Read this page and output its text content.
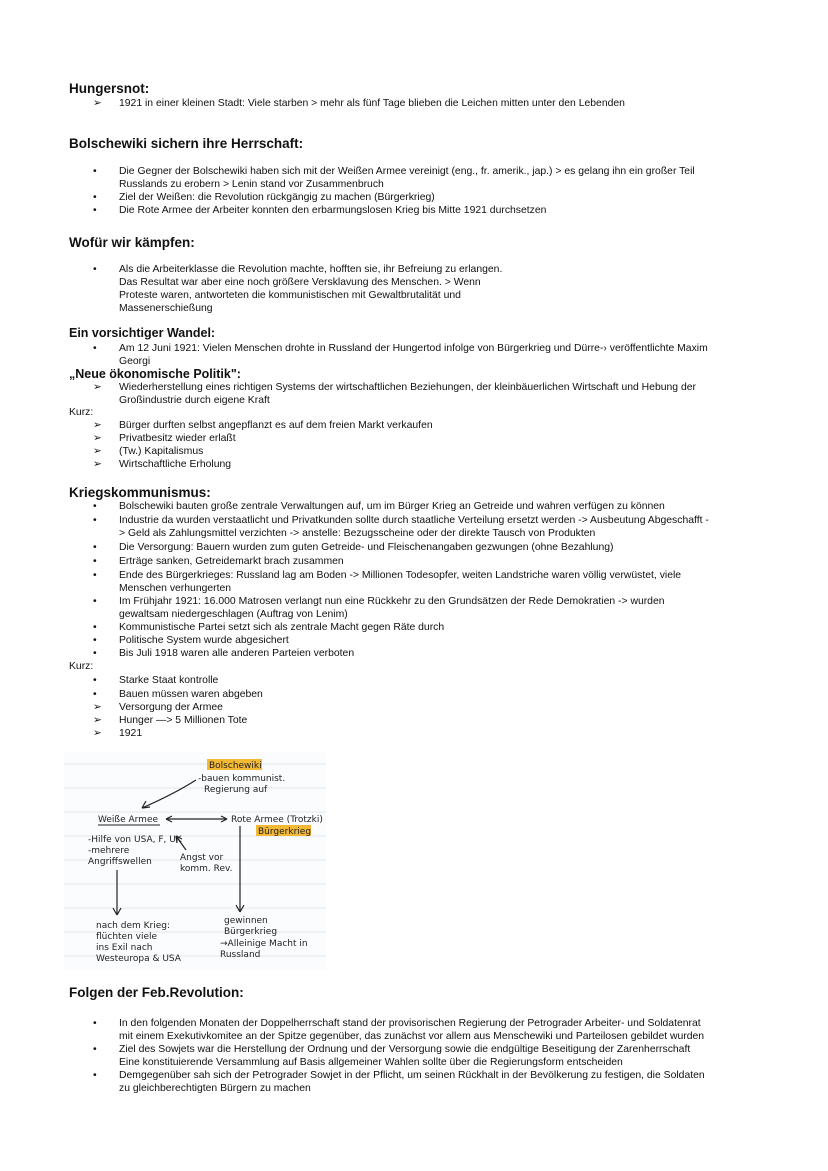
Hungersnot:
➢	1921 in einer kleinen Stadt: Viele starben > mehr als fünf Tage blieben die Leichen mitten unter den Lebenden
Bolschewiki sichern ihre Herrschaft:
•	Die Gegner der Bolschewiki haben sich mit der Weißen Armee vereinigt (eng., fr. amerik., jap.) > es gelang ihn ein großer Teil
Russlands zu erobern > Lenin stand vor Zusammenbruch
•	Ziel der Weißen: die Revolution rückgängig zu machen (Bürgerkrieg)
•	Die Rote Armee der Arbeiter konnten den erbarmungslosen Krieg bis Mitte 1921 durchsetzen
Wofür wir kämpfen:
•	Als die Arbeiterklasse die Revolution machte, hofften sie, ihr Befreiung zu erlangen.
Das Resultat war aber eine noch größere Versklavung des Menschen. > Wenn
Proteste waren, antworteten die kommunistischen mit Gewaltbrutalität und
Massenerschießung
Ein vorsichtiger Wandel:
•	Am 12 Juni 1921: Vielen Menschen drohte in Russland der Hungertod infolge von Bürgerkrieg und Dürre-› veröffentlichte Maxim
Georgi
„Neue ökonomische Politik":
➢	Wiederherstellung eines richtigen Systems der wirtschaftlichen Beziehungen, der kleinbäuerlichen Wirtschaft und Hebung der
Großindustrie durch eigene Kraft
Kurz:
➢	Bürger durften selbst angepflanzt es auf dem freien Markt verkaufen
➢	Privatbesitz wieder erlaßt
➢	(Tw.) Kapitalismus
➢	Wirtschaftliche Erholung
Kriegskommunismus:
•	Bolschewiki bauten große zentrale Verwaltungen auf, um im Bürger Krieg an Getreide und wahren verfügen zu können
•	Industrie da wurden verstaatlicht und Privatkunden sollte durch staatliche Verteilung ersetzt werden -> Ausbeutung Abgeschafft -
> Geld als Zahlungsmittel verzichten -> anstelle: Bezugsscheine oder der direkte Tausch von Produkten
•	Die Versorgung: Bauern wurden zum guten Getreide- und Fleischenangaben gezwungen (ohne Bezahlung)
•	Erträge sanken, Getreidemarkt brach zusammen
•	Ende des Bürgerkrieges: Russland lag am Boden -> Millionen Todesopfer, weiten Landstriche waren völlig verwüstet, viele
Menschen verhungerten
•	Im Frühjahr 1921: 16.000 Matrosen verlangt nun eine Rückkehr zu den Grundsätzen der Rede Demokratien -> wurden
gewaltsam niedergeschlagen (Auftrag von Lenim)
•	Kommunistische Partei setzt sich als zentrale Macht gegen Räte durch
•	Politische System wurde abgesichert
•	Bis Juli 1918 waren alle anderen Parteien verboten
Kurz:
•	Starke Staat kontrolle
•	Bauen müssen waren abgeben
➢	Versorgung der Armee
➢	Hunger —> 5 Millionen Tote
➢	1921
Bolschewiki
-bauen kommunist.
Regierung auf
Weiße Armee	Rote Armee (Trotzki)
Bürgerkrieg
-Hilfe von USA, F, UK
-mehrere
Angriffswellen	Angst vor
komm. Rev.
nach dem Krieg:
flüchten viele
ins Exil nach
Westeuropa & USA
gewinnen
Bürgerkrieg
→Alleinige Macht in
Russland
Folgen der Feb.Revolution:
•	In den folgenden Monaten der Doppelherrschaft stand der provisorischen Regierung der Petrograder Arbeiter- und Soldatenrat
mit einem Exekutivkomitee an der Spitze gegenüber, das zunächst vor allem aus Menschewiki und Parteilosen gebildet wurden
•	Ziel des Sowjets war die Herstellung der Ordnung und der Versorgung sowie die endgültige Beseitigung der Zarenherrschaft
Eine konstituierende Versammlung auf Basis allgemeiner Wahlen sollte über die Regierungsform entscheiden
•	Demgegenüber sah sich der Petrograder Sowjet in der Pflicht, um seinen Rückhalt in der Bevölkerung zu festigen, die Soldaten
zu gleichberechtigten Bürgern zu machen
